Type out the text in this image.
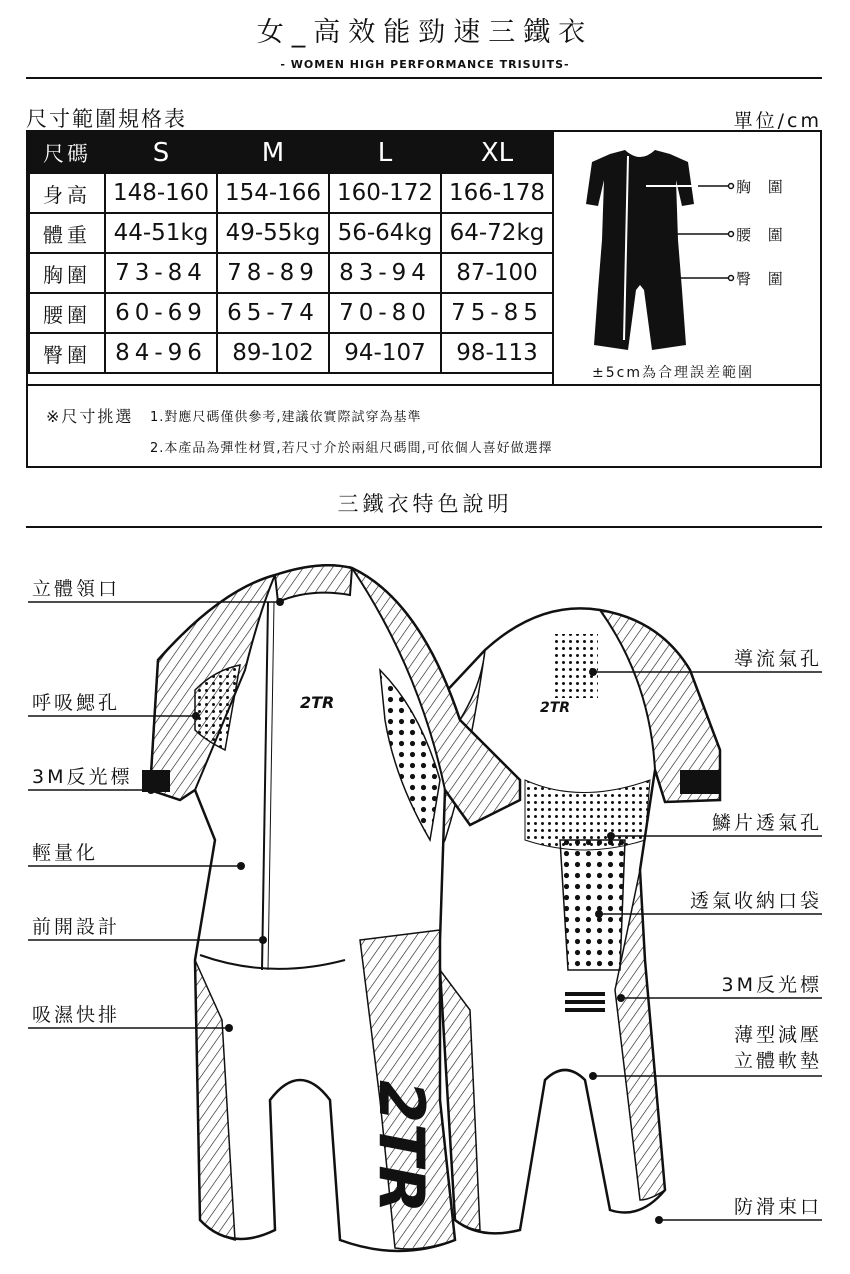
女_高效能勁速三鐵衣
- WOMEN HIGH PERFORMANCE TRISUITS-
尺寸範圍規格表	單位/cm
尺碼	S	M	L	XL
身高	148-160	154-166	160-172	166-178
體重	44-51kg	49-55kg	56-64kg	64-72kg
胸圍	73-84	78-89	83-94	87-100
腰圍	60-69	65-74	70-80	75-85
臀圍	84-96	89-102	94-107	98-113
胸 圍
腰 圍
臀 圍
±5cm為合理誤差範圍
※尺寸挑選 1.對應尺碼僅供參考,建議依實際試穿為基準
2.本產品為彈性材質,若尺寸介於兩組尺碼間,可依個人喜好做選擇
三鐵衣特色說明
2TR
2TR
2TR
立體領口
呼吸鰓孔
3M反光標
輕量化
前開設計
吸濕快排
導流氣孔
鱗片透氣孔
透氣收納口袋
3M反光標
薄型減壓
立體軟墊
防滑束口
